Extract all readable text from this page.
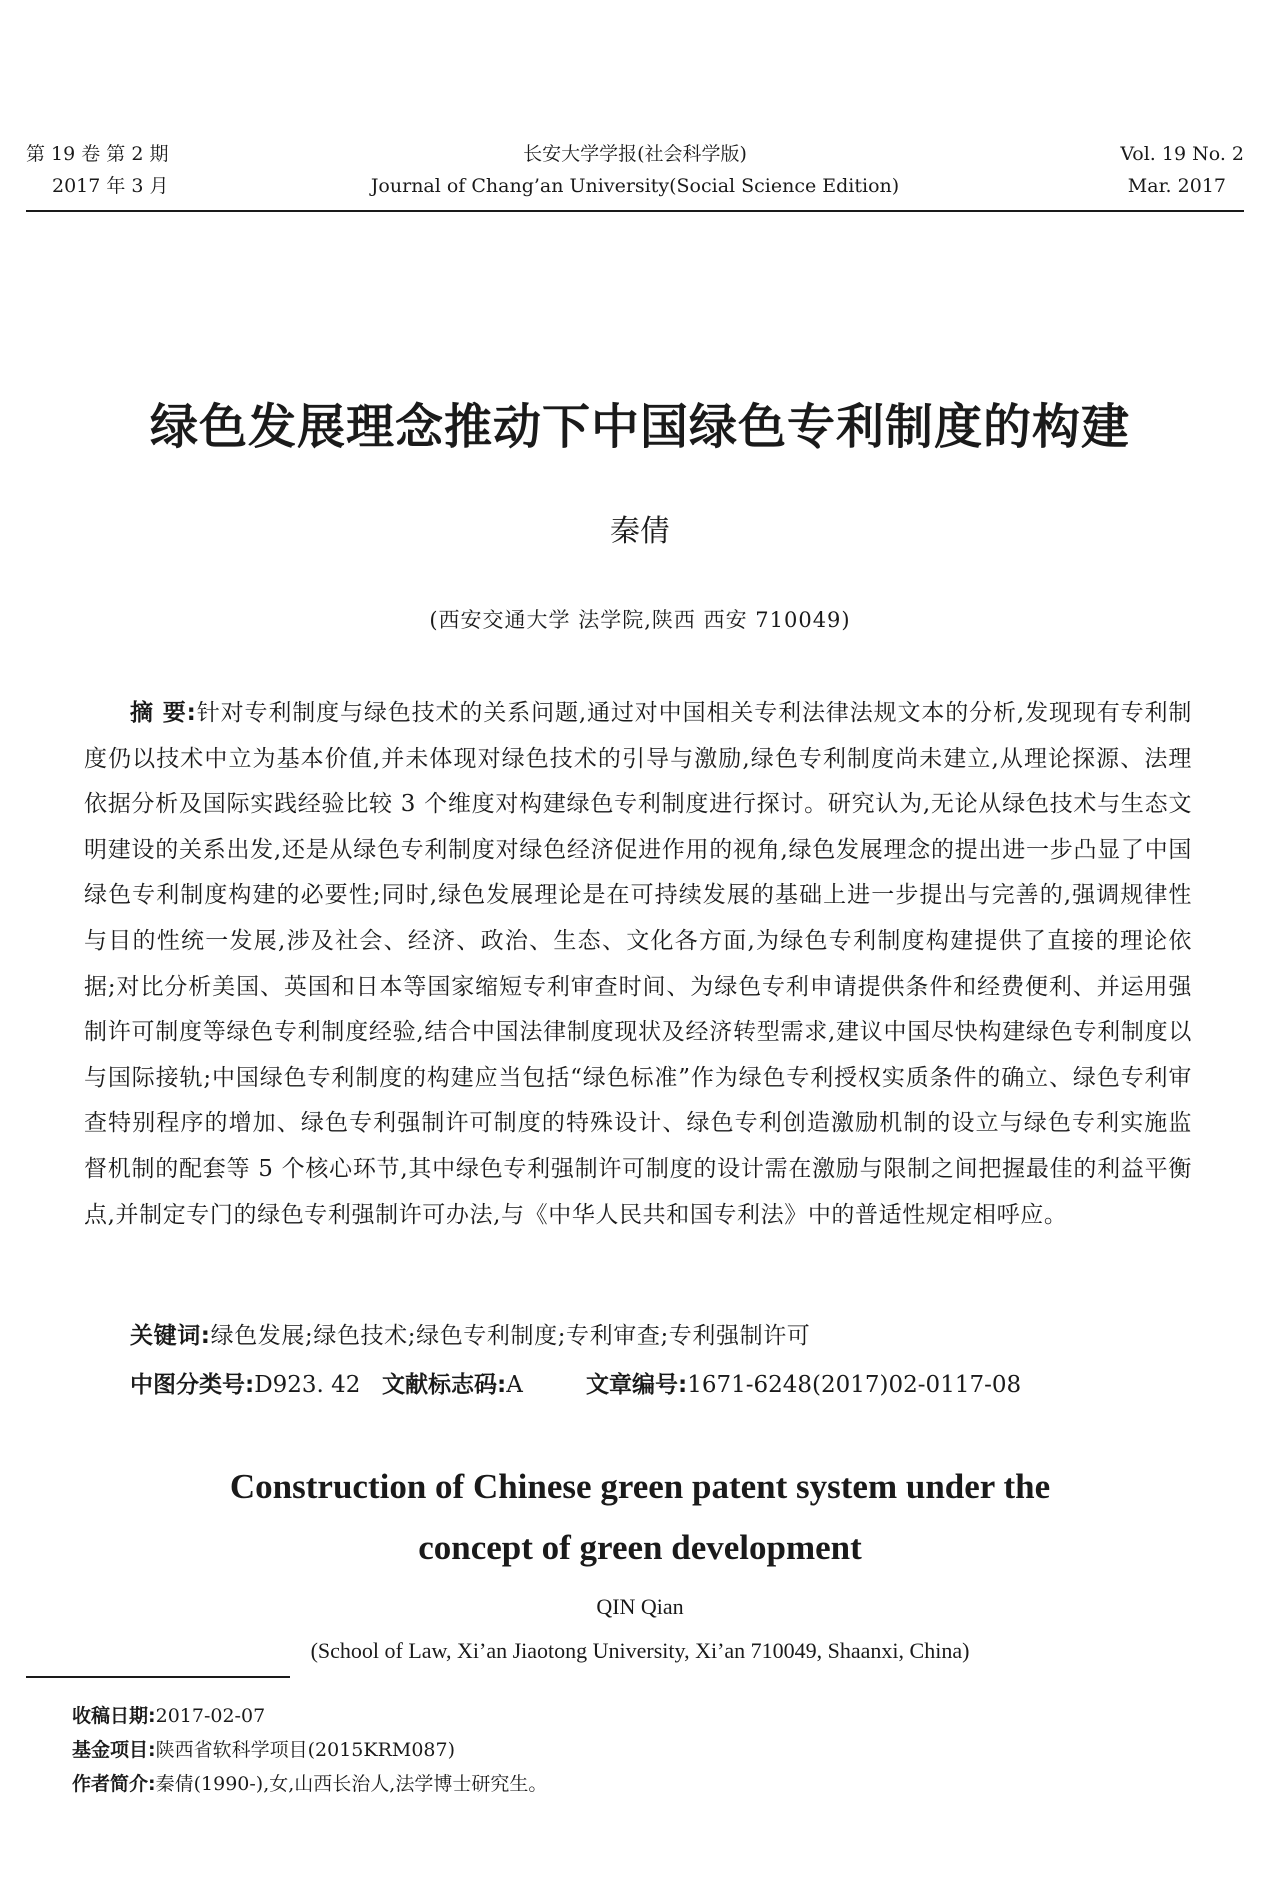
第 19 卷 第 2 期
2017 年 3 月
长安大学学报(社会科学版)
Journal of Chang’an University(Social Science Edition)
Vol. 19 No. 2
Mar. 2017
绿色发展理念推动下中国绿色专利制度的构建
秦倩
(西安交通大学 法学院,陕西 西安 710049)
摘 要:针对专利制度与绿色技术的关系问题,通过对中国相关专利法律法规文本的分析,发现现有专利制度仍以技术中立为基本价值,并未体现对绿色技术的引导与激励,绿色专利制度尚未建立,从理论探源、法理依据分析及国际实践经验比较 3 个维度对构建绿色专利制度进行探讨。研究认为,无论从绿色技术与生态文明建设的关系出发,还是从绿色专利制度对绿色经济促进作用的视角,绿色发展理念的提出进一步凸显了中国绿色专利制度构建的必要性;同时,绿色发展理论是在可持续发展的基础上进一步提出与完善的,强调规律性与目的性统一发展,涉及社会、经济、政治、生态、文化各方面,为绿色专利制度构建提供了直接的理论依据;对比分析美国、英国和日本等国家缩短专利审查时间、为绿色专利申请提供条件和经费便利、并运用强制许可制度等绿色专利制度经验,结合中国法律制度现状及经济转型需求,建议中国尽快构建绿色专利制度以与国际接轨;中国绿色专利制度的构建应当包括“绿色标准”作为绿色专利授权实质条件的确立、绿色专利审查特别程序的增加、绿色专利强制许可制度的特殊设计、绿色专利创造激励机制的设立与绿色专利实施监督机制的配套等 5 个核心环节,其中绿色专利强制许可制度的设计需在激励与限制之间把握最佳的利益平衡点,并制定专门的绿色专利强制许可办法,与《中华人民共和国专利法》中的普适性规定相呼应。
关键词:绿色发展;绿色技术;绿色专利制度;专利审查;专利强制许可
中图分类号:D923. 42 文献标志码:A	文章编号:1671-6248(2017)02-0117-08
Construction of Chinese green patent system under the
concept of green development
QIN Qian
(School of Law, Xi’an Jiaotong University, Xi’an 710049, Shaanxi, China)
收稿日期:2017-02-07
基金项目:陕西省软科学项目(2015KRM087)
作者简介:秦倩(1990-),女,山西长治人,法学博士研究生。
